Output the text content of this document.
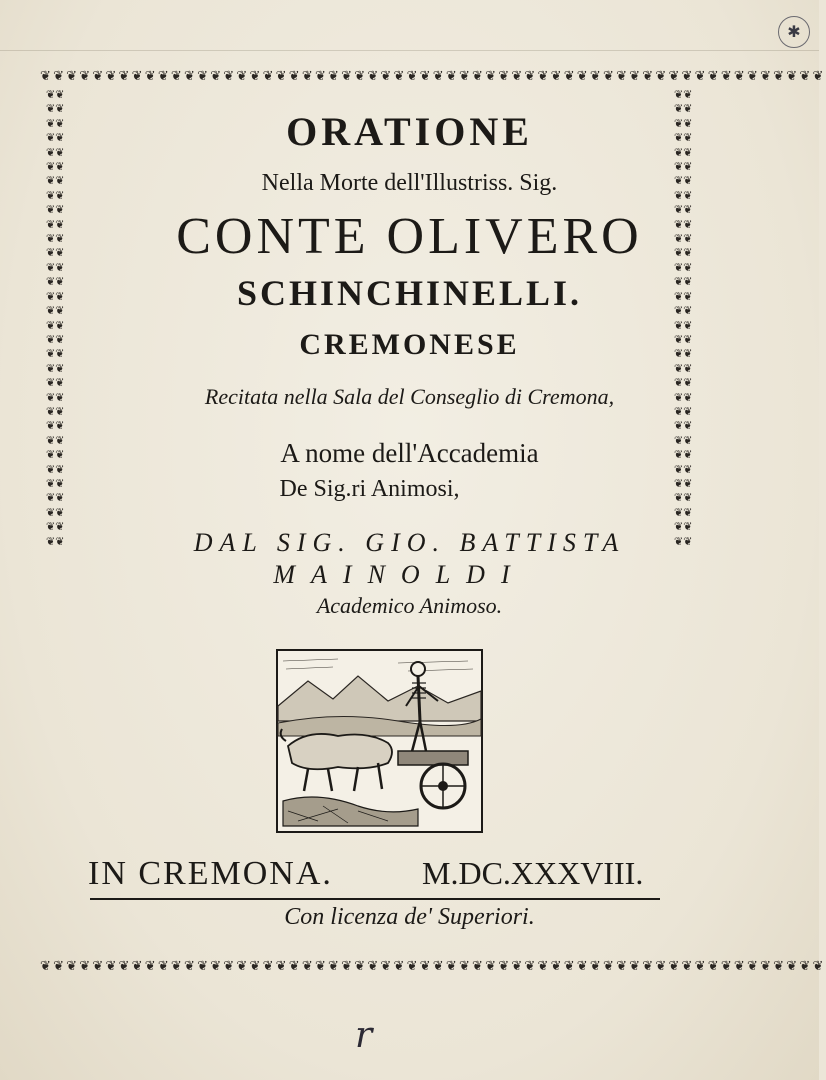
✱
❦❦❦❦❦❦❦❦❦❦❦❦❦❦❦❦❦❦❦❦❦❦❦❦❦❦❦❦❦❦❦❦❦❦❦❦❦❦❦❦❦❦❦❦❦❦❦❦❦❦❦❦❦❦❦❦❦❦❦❦
❦❦❦❦❦❦❦❦❦❦❦❦❦❦❦❦❦❦❦❦❦❦❦❦❦❦❦❦❦❦❦❦❦❦❦❦❦❦❦❦❦❦❦❦❦❦❦❦❦❦❦❦❦❦❦❦❦❦❦❦
❦❦❦❦❦❦❦❦❦❦❦❦❦❦❦❦❦❦❦❦❦❦❦❦❦❦❦❦❦❦❦❦❦❦❦❦❦❦❦❦❦❦❦❦❦❦❦❦❦❦❦❦❦❦❦❦❦❦❦❦❦❦❦❦
❦❦❦❦❦❦❦❦❦❦❦❦❦❦❦❦❦❦❦❦❦❦❦❦❦❦❦❦❦❦❦❦❦❦❦❦❦❦❦❦❦❦❦❦❦❦❦❦❦❦❦❦❦❦❦❦❦❦❦❦❦❦❦❦
ORATIONE
Nella Morte dell'Illustriss. Sig.
CONTE OLIVERO
SCHINCHINELLI.
CREMONESE
Recitata nella Sala del Conseglio di Cremona,
A nome dell'Accademia
De Sig.ri Animosi,
DAL SIG. GIO. BATTISTA
MAINOLDI
Academico Animoso.
IN CREMONA.	M.DC.XXXVIII.
Con licenza de' Superiori.
r
